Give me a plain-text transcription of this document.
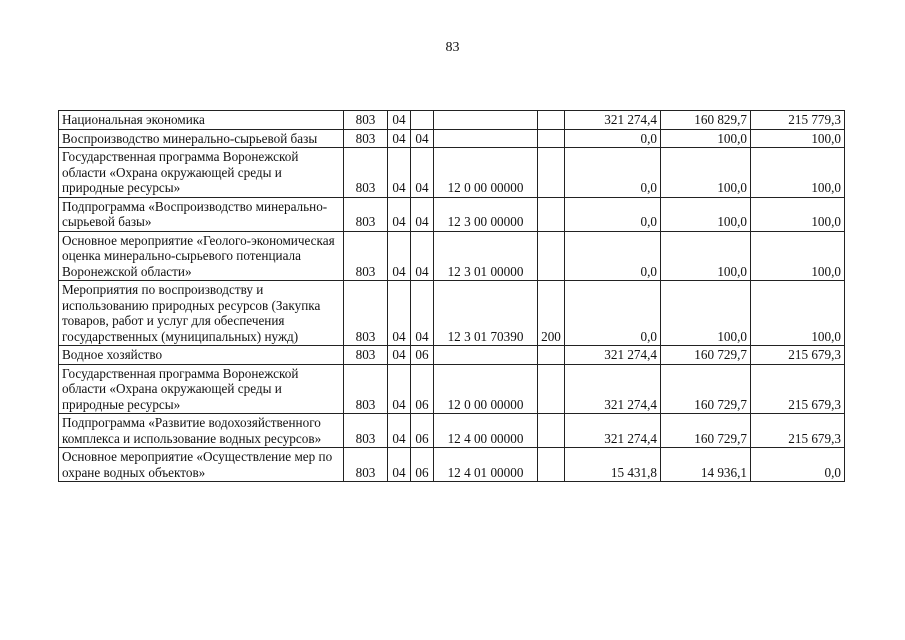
83
Национальная экономика	803	04				321 274,4	160 829,7	215 779,3
Воспроизводство минерально-сырьевой базы	803	04	04			0,0	100,0	100,0
Государственная программа Воронежской области «Охрана окружающей среды и природные ресурсы»	803	04	04	12 0 00 00000		0,0	100,0	100,0
Подпрограмма «Воспроизводство минерально-сырьевой базы»	803	04	04	12 3 00 00000		0,0	100,0	100,0
Основное мероприятие «Геолого-экономическая оценка минерально-сырьевого потенциала Воронежской области»	803	04	04	12 3 01 00000		0,0	100,0	100,0
Мероприятия по воспроизводству и использованию природных ресурсов (Закупка товаров, работ и услуг для обеспечения государственных (муниципальных) нужд)	803	04	04	12 3 01 70390	200	0,0	100,0	100,0
Водное хозяйство	803	04	06			321 274,4	160 729,7	215 679,3
Государственная программа Воронежской области «Охрана окружающей среды и природные ресурсы»	803	04	06	12 0 00 00000		321 274,4	160 729,7	215 679,3
Подпрограмма «Развитие водохозяйственного комплекса и использование водных ресурсов»	803	04	06	12 4 00 00000		321 274,4	160 729,7	215 679,3
Основное мероприятие «Осуществление мер по охране водных объектов»	803	04	06	12 4 01 00000		15 431,8	14 936,1	0,0
